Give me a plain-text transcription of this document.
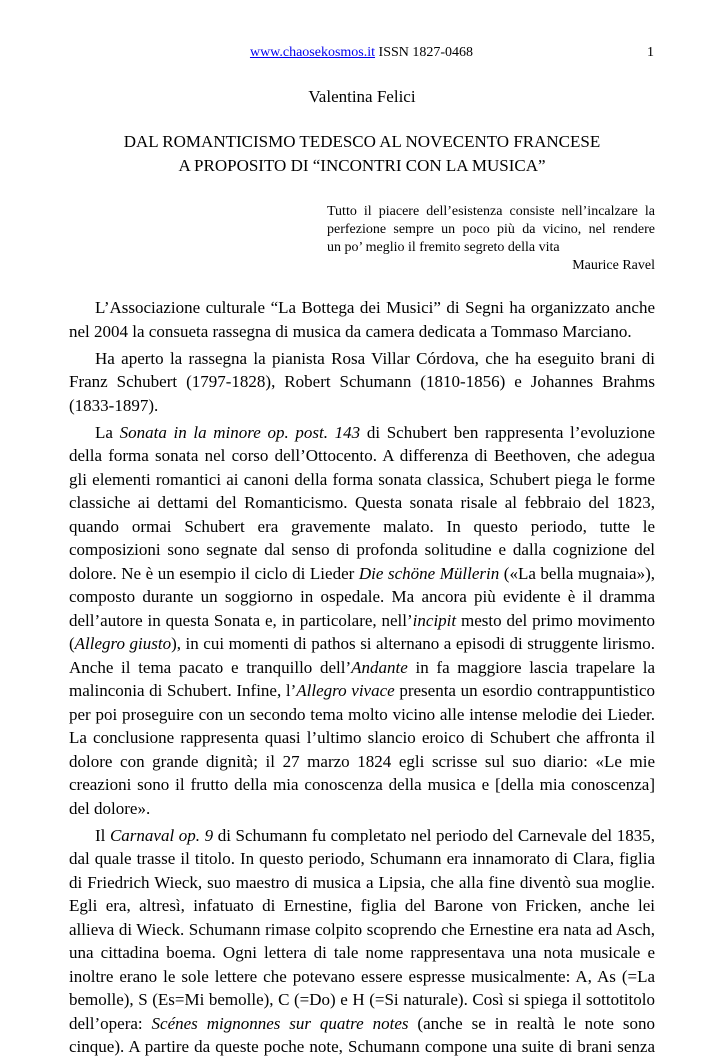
www.chaosekosmos.it ISSN 1827-0468	1
Valentina Felici
DAL ROMANTICISMO TEDESCO AL NOVECENTO FRANCESE
A PROPOSITO DI “INCONTRI CON LA MUSICA”
Tutto il piacere dell’esistenza consiste nell’incalzare la
perfezione sempre un poco più da vicino, nel rendere
un po’ meglio il fremito segreto della vita
Maurice Ravel
L’Associazione culturale “La Bottega dei Musici” di Segni ha organizzato anche
nel 2004 la consueta rassegna di musica da camera dedicata a Tommaso Marciano.
Ha aperto la rassegna la pianista Rosa Villar Córdova, che ha eseguito brani di
Franz Schubert (1797-1828), Robert Schumann (1810-1856) e Johannes Brahms
(1833-1897).
La Sonata in la minore op. post. 143 di Schubert ben rappresenta l’evoluzione
della forma sonata nel corso dell’Ottocento. A differenza di Beethoven, che adegua
gli elementi romantici ai canoni della forma sonata classica, Schubert piega le forme
classiche ai dettami del Romanticismo. Questa sonata risale al febbraio del 1823,
quando ormai Schubert era gravemente malato. In questo periodo, tutte le
composizioni sono segnate dal senso di profonda solitudine e dalla cognizione del
dolore. Ne è un esempio il ciclo di Lieder Die schöne Müllerin («La bella mugnaia»),
composto durante un soggiorno in ospedale. Ma ancora più evidente è il dramma
dell’autore in questa Sonata e, in particolare, nell’incipit mesto del primo movimento
(Allegro giusto), in cui momenti di pathos si alternano a episodi di struggente lirismo.
Anche il tema pacato e tranquillo dell’Andante in fa maggiore lascia trapelare la
malinconia di Schubert. Infine, l’Allegro vivace presenta un esordio contrappuntistico
per poi proseguire con un secondo tema molto vicino alle intense melodie dei Lieder.
La conclusione rappresenta quasi l’ultimo slancio eroico di Schubert che affronta il
dolore con grande dignità; il 27 marzo 1824 egli scrisse sul suo diario: «Le mie
creazioni sono il frutto della mia conoscenza della musica e [della mia conoscenza]
del dolore».
Il Carnaval op. 9 di Schumann fu completato nel periodo del Carnevale del 1835,
dal quale trasse il titolo. In questo periodo, Schumann era innamorato di Clara, figlia
di Friedrich Wieck, suo maestro di musica a Lipsia, che alla fine diventò sua moglie.
Egli era, altresì, infatuato di Ernestine, figlia del Barone von Fricken, anche lei
allieva di Wieck. Schumann rimase colpito scoprendo che Ernestine era nata ad Asch,
una cittadina boema. Ogni lettera di tale nome rappresentava una nota musicale e
inoltre erano le sole lettere che potevano essere espresse musicalmente: A, As (=La
bemolle), S (Es=Mi bemolle), C (=Do) e H (=Si naturale). Così si spiega il sottotitolo
dell’opera: Scénes mignonnes sur quatre notes (anche se in realtà le note sono
cinque). A partire da queste poche note, Schumann compone una suite di brani senza
